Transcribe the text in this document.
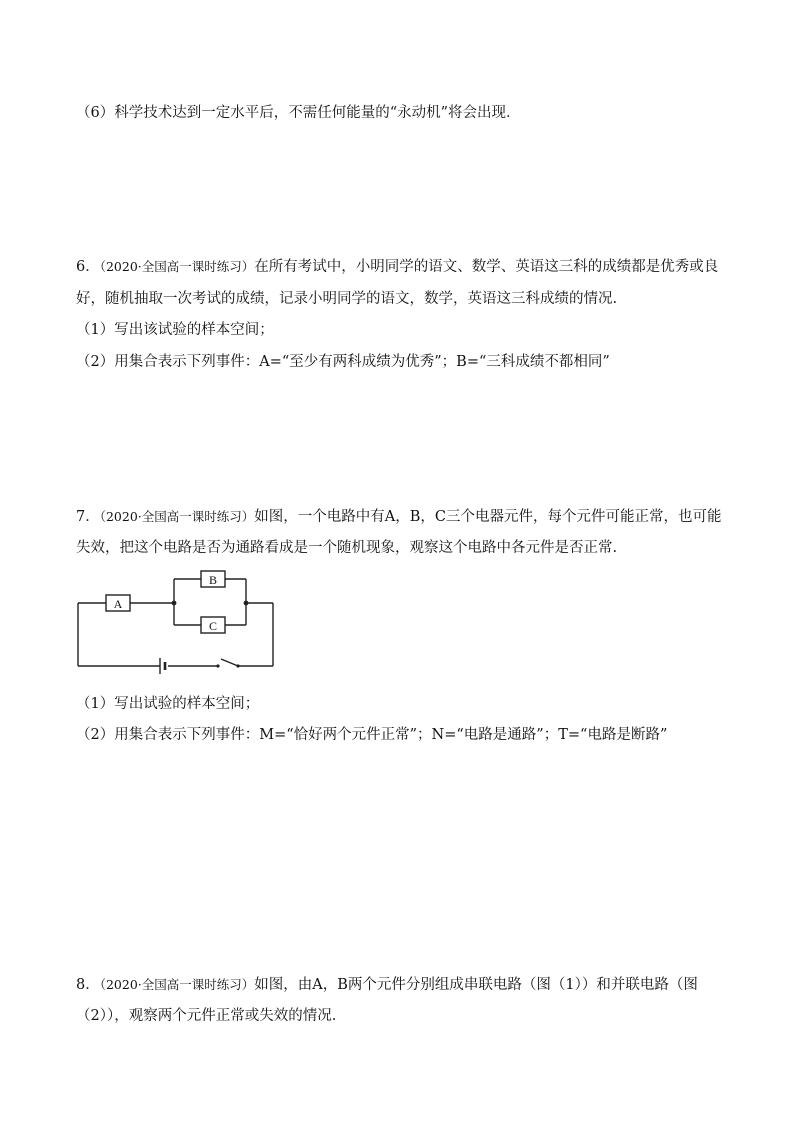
（6）科学技术达到一定水平后，不需任何能量的“永动机”将会出现．
6．（2020·全国高一课时练习）在所有考试中，小明同学的语文、数学、英语这三科的成绩都是优秀或良
好，随机抽取一次考试的成绩，记录小明同学的语文，数学，英语这三科成绩的情况.
（1）写出该试验的样本空间；
（2）用集合表示下列事件：A=“至少有两科成绩为优秀”；B=“三科成绩不都相同”
7．（2020·全国高一课时练习）如图，一个电路中有A，B，C三个电器元件，每个元件可能正常，也可能
失效，把这个电路是否为通路看成是一个随机现象，观察这个电路中各元件是否正常.
A
B
C
（1）写出试验的样本空间；
（2）用集合表示下列事件：M=“恰好两个元件正常”；N=“电路是通路”；T=“电路是断路”
8．（2020·全国高一课时练习）如图，由A，B两个元件分别组成串联电路（图（1））和并联电路（图
（2）），观察两个元件正常或失效的情况.
